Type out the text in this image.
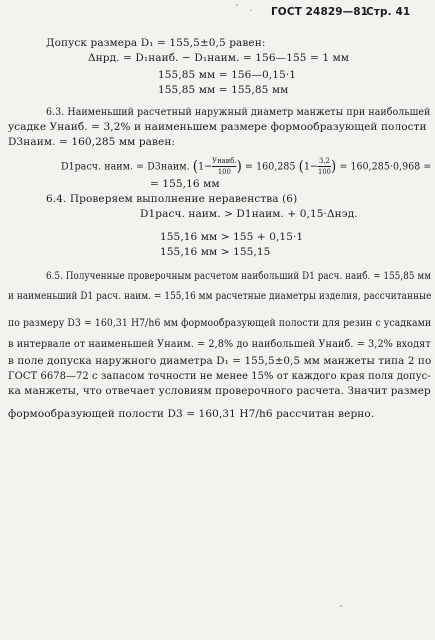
ГОСТ 24829—81
Стр. 41
Допуск размера D₁ = 155,5±0,5 равен:
Δнрд. = D₁наиб. − D₁наим. = 156—155 = 1 мм
155,85 мм = 156—0,15·1
155,85 мм = 155,85 мм
6.3. Наименьший расчетный наружный диаметр манжеты при наибольшей
усадке Унаиб. = 3,2% и наименьшем размере формообразующей полости
D3наим. = 160,285 мм равен:
D1расч. наим. = D3наим. (1−Унаиб.
100 ) = 160,285 $(1-\frac{3,2}{100}) = 160,285\cdot 0,968$ =
= 155,16 мм
6.4. Проверяем выполнение неравенства (6)
D1расч. наим. > D1наим. + 0,15·Δнэд.
155,16 мм > 155 + 0,15·1
155,16 мм > 155,15
6.5. Полученные проверочным расчетом наибольший D1 расч. наиб. = 155,85 мм
и наименьший D1 расч. наим. = 155,16 мм расчетные диаметры изделия, рассчитанные
по размеру D3 = 160,31 H7/h6 мм формообразующей полости для резин с усадками
в интервале от наименьшей Унаим. = 2,8% до наибольшей Унаиб. = 3,2% входят
в поле допуска наружного диаметра D₁ = 155,5±0,5 мм манжеты типа 2 по
ГОСТ 6678—72 с запасом точности не менее 15% от каждого края поля допус-
ка манжеты, что отвечает условиям проверочного расчета. Значит размер
формообразующей полости D3 = 160,31 H7/h6 рассчитан верно.
